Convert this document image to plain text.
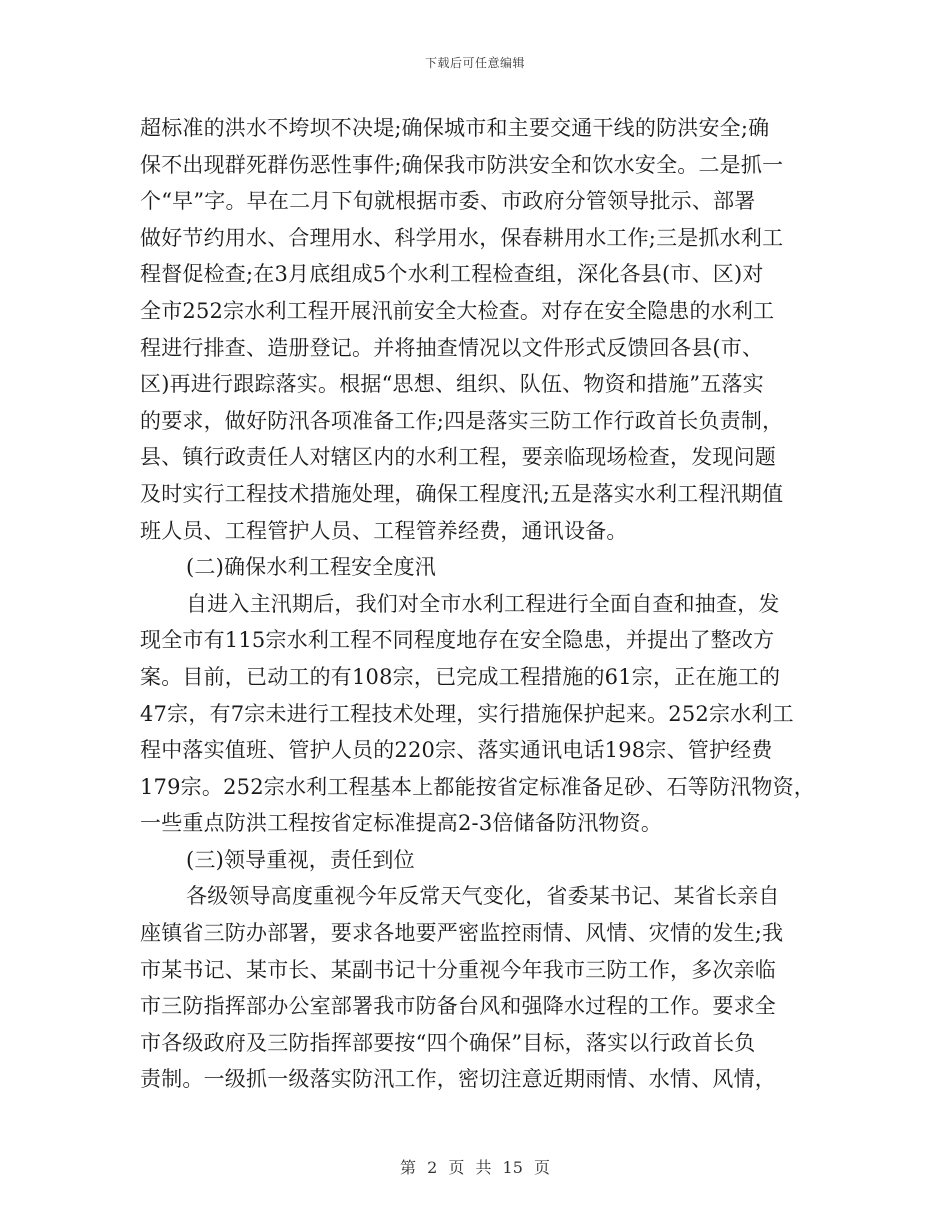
下载后可任意编辑
超标准的洪水不垮坝不决堤;确保城市和主要交通干线的防洪安全;确
保不出现群死群伤恶性事件;确保我市防洪安全和饮水安全。二是抓一
个“早”字。早在二月下旬就根据市委、市政府分管领导批示、部署
做好节约用水、合理用水、科学用水，保春耕用水工作;三是抓水利工
程督促检查;在3月底组成5个水利工程检查组，深化各县(市、区)对
全市252宗水利工程开展汛前安全大检查。对存在安全隐患的水利工
程进行排查、造册登记。并将抽查情况以文件形式反馈回各县(市、
区)再进行跟踪落实。根据“思想、组织、队伍、物资和措施”五落实
的要求，做好防汛各项准备工作;四是落实三防工作行政首长负责制，
县、镇行政责任人对辖区内的水利工程，要亲临现场检查，发现问题
及时实行工程技术措施处理，确保工程度汛;五是落实水利工程汛期值
班人员、工程管护人员、工程管养经费，通讯设备。
(二)确保水利工程安全度汛
自进入主汛期后，我们对全市水利工程进行全面自查和抽查，发
现全市有115宗水利工程不同程度地存在安全隐患，并提出了整改方
案。目前，已动工的有108宗，已完成工程措施的61宗，正在施工的
47宗，有7宗未进行工程技术处理，实行措施保护起来。252宗水利工
程中落实值班、管护人员的220宗、落实通讯电话198宗、管护经费
179宗。252宗水利工程基本上都能按省定标准备足砂、石等防汛物资，
一些重点防洪工程按省定标准提高2-3倍储备防汛物资。
(三)领导重视，责任到位
各级领导高度重视今年反常天气变化，省委某书记、某省长亲自
座镇省三防办部署，要求各地要严密监控雨情、风情、灾情的发生;我
市某书记、某市长、某副书记十分重视今年我市三防工作，多次亲临
市三防指挥部办公室部署我市防备台风和强降水过程的工作。要求全
市各级政府及三防指挥部要按“四个确保”目标，落实以行政首长负
责制。一级抓一级落实防汛工作，密切注意近期雨情、水情、风情，
第 2 页 共 15 页
